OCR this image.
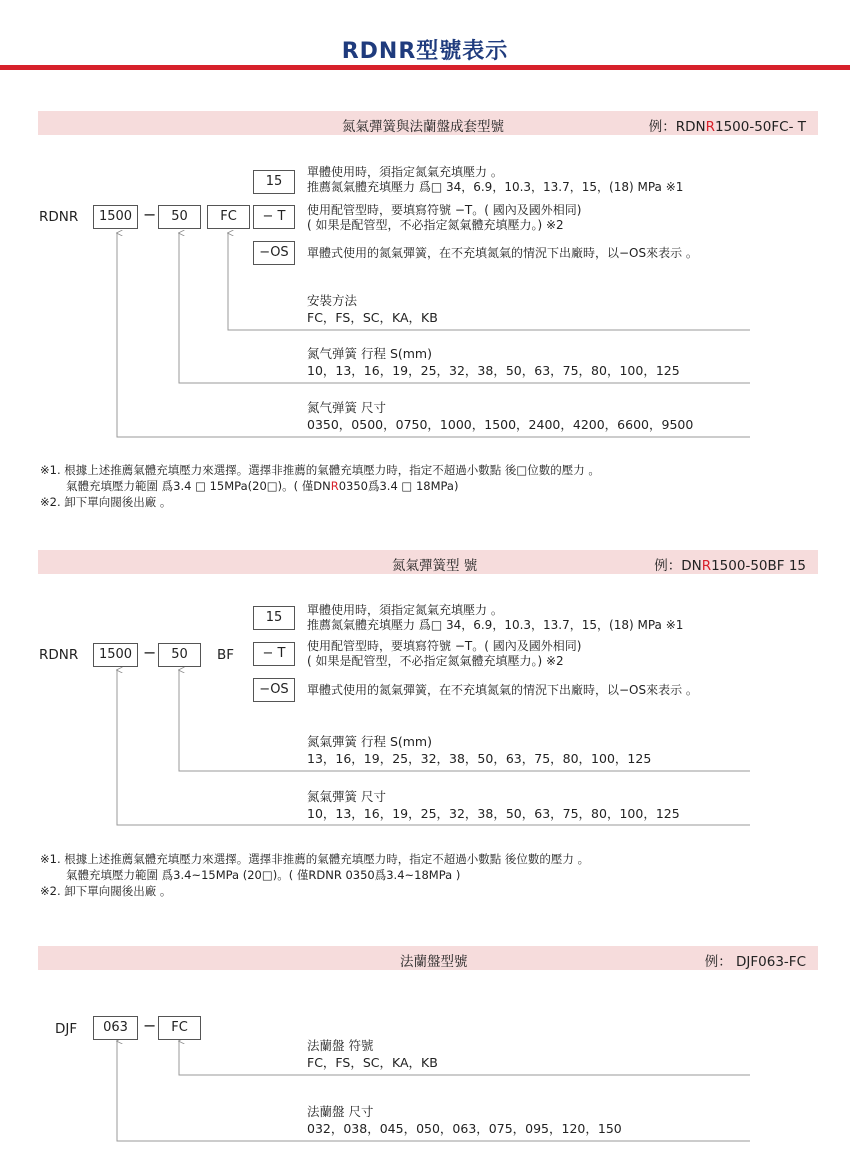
RDNR型號表示
氮氣彈簧與法蘭盤成套型號	例：RDNR1500-50FC- T
RDNR	1500 −	50	FC
15
− T
−OS
單體使用時，須指定氮氣充填壓力 。
推薦氮氣體充填壓力 爲□ 34，6.9，10.3，13.7，15，(18) MPa ※1
使用配管型時，要填寫符號 −T。( 國內及國外相同)
( 如果是配管型，不必指定氮氣體充填壓力。) ※2
單體式使用的氮氣彈簧，在不充填氮氣的情況下出廠時，以−OS來表示 。
安裝方法
FC，FS，SC，KA，KB
氮气弹簧 行程 S(mm)
10，13，16，19，25，32，38，50，63，75，80，100，125
氮气弹簧 尺寸
0350，0500，0750，1000，1500，2400，4200，6600，9500
※1. 根據上述推薦氣體充填壓力來選擇。選擇非推薦的氣體充填壓力時，指定不超過小數點 後□位數的壓力 。
氣體充填壓力範圍 爲3.4 □ 15MPa(20□)。( 僅DNR0350爲3.4 □ 18MPa)
※2. 卸下單向閥後出廠 。
氮氣彈簧型 號	例：DNR1500-50BF 15
RDNR	1500 −	50	BF
15
− T
−OS
單體使用時，須指定氮氣充填壓力 。
推薦氮氣體充填壓力 爲□ 34，6.9，10.3，13.7，15，(18) MPa ※1
使用配管型時，要填寫符號 −T。( 國內及國外相同)
( 如果是配管型，不必指定氮氣體充填壓力。) ※2
單體式使用的氮氣彈簧，在不充填氮氣的情況下出廠時，以−OS來表示 。
氮氣彈簧 行程 S(mm)
13，16，19，25，32，38，50，63，75，80，100，125
氮氣彈簧 尺寸
10，13，16，19，25，32，38，50，63，75，80，100，125
※1. 根據上述推薦氣體充填壓力來選擇。選擇非推薦的氣體充填壓力時，指定不超過小數點 後位數的壓力 。
氣體充填壓力範圍 爲3.4~15MPa (20□)。( 僅RDNR 0350爲3.4~18MPa )
※2. 卸下單向閥後出廠 。
法蘭盤型號	例： DJF063-FC
DJF	063 −	FC
法蘭盤 符號
FC，FS，SC，KA，KB
法蘭盤 尺寸
032，038，045，050，063，075，095，120，150
